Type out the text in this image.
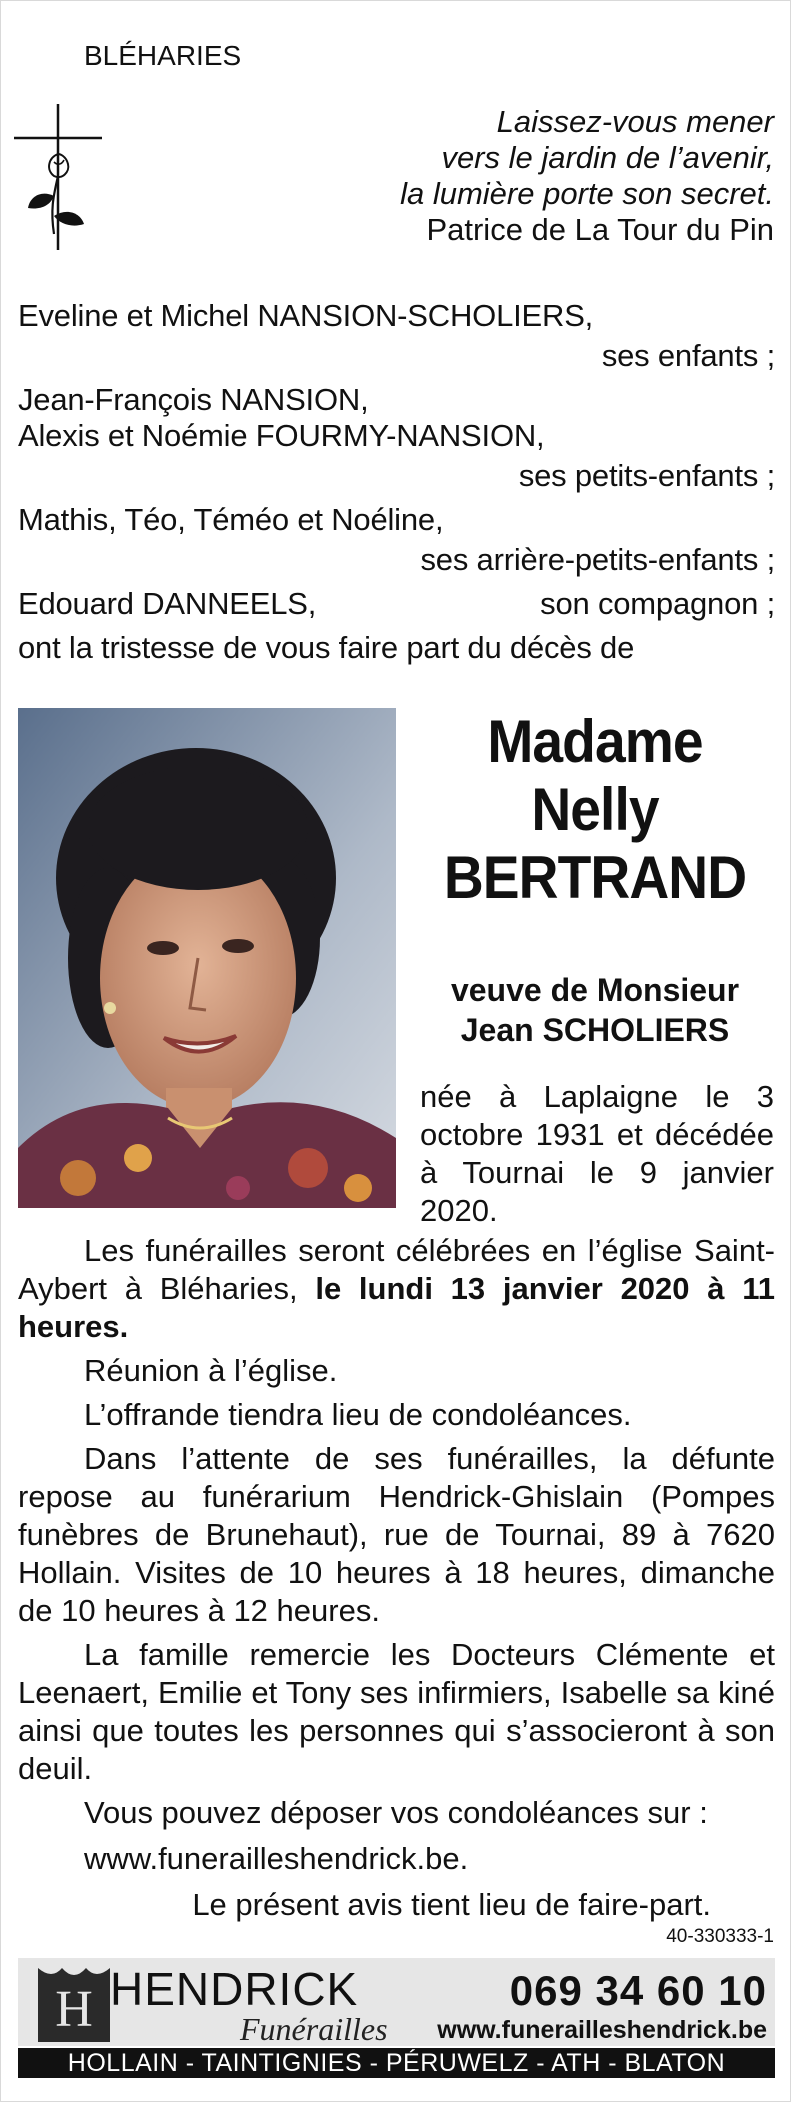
BLÉHARIES
Laissez-vous mener
vers le jardin de l’avenir,
la lumière porte son secret.
Patrice de La Tour du Pin
Eveline et Michel NANSION-SCHOLIERS,
ses enfants ;
Jean-François NANSION,
Alexis et Noémie FOURMY-NANSION,
ses petits-enfants ;
Mathis, Téo, Téméo et Noéline,
ses arrière-petits-enfants ;
Edouard DANNEELS,	son compagnon ;
ont la tristesse de vous faire part du décès de
Madame
Nelly
BERTRAND
veuve de Monsieur
Jean SCHOLIERS

née à Laplaigne le 3 octobre 1931 et décédée à Tournai le 9 janvier 2020.

Les funérailles seront célébrées en l’église Saint-Aybert à Bléharies, le lundi 13 janvier 2020 à 11 heures.

Réunion à l’église.

L’offrande tiendra lieu de condoléances.

Dans l’attente de ses funérailles, la défunte repose au funérarium Hendrick-Ghislain (Pompes funèbres de Brunehaut), rue de Tournai, 89 à 7620 Hollain. Visites de 10 heures à 18 heures, dimanche de 10 heures à 12 heures.

La famille remercie les Docteurs Clémente et Leenaert, Emilie et Tony ses infirmiers, Isabelle sa kiné ainsi que toutes les personnes qui s’associeront à son deuil.

Vous pouvez déposer vos condoléances sur :

www.funerailleshendrick.be.

Le présent avis tient lieu de faire-part.

40-330333-1
H HENDRICK
Funérailles
069 34 60 10
www.funerailleshendrick.be
HOLLAIN - TAINTIGNIES - PÉRUWELZ - ATH - BLATON
